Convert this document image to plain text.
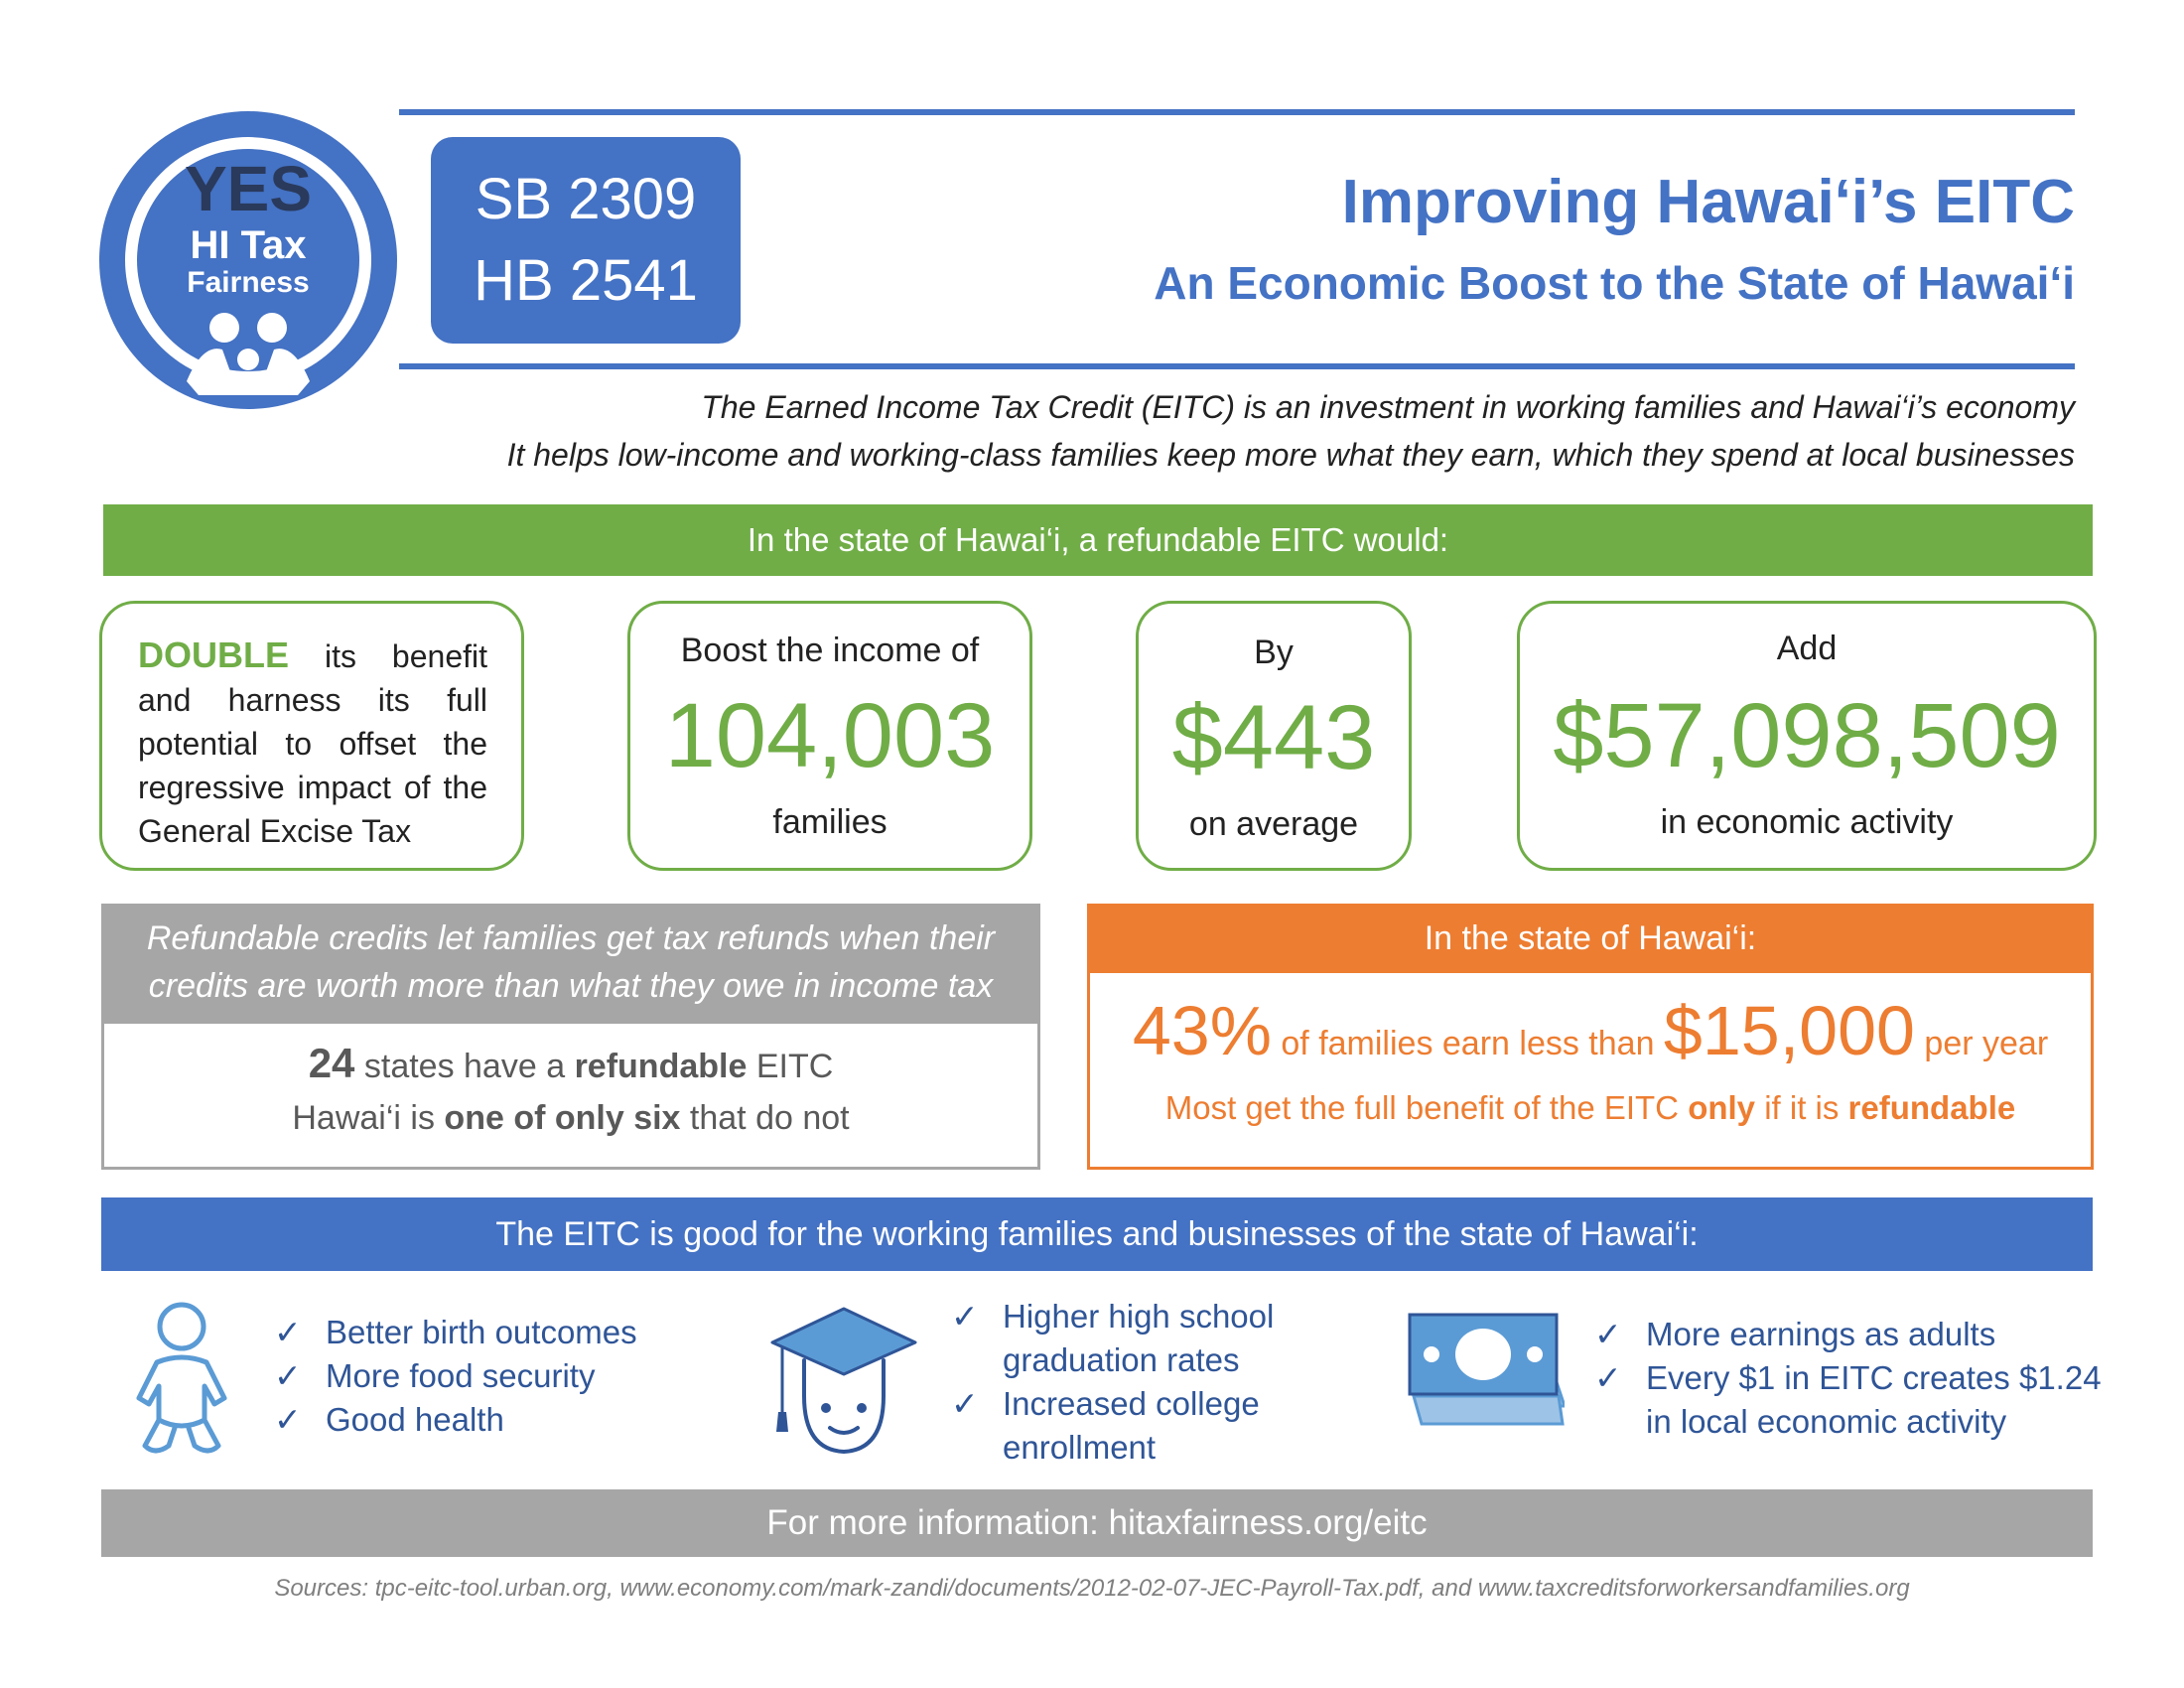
YES
HI Tax
Fairness
SB 2309
HB 2541
Improving Hawai‘i’s EITC
An Economic Boost to the State of Hawai‘i
The Earned Income Tax Credit (EITC) is an investment in working families and Hawai‘i’s economy
It helps low-income and working-class families keep more what they earn, which they spend at local businesses
In the state of Hawai‘i, a refundable EITC would:
DOUBLE its benefit and harness its full potential to offset the regressive impact of the General Excise Tax
Boost the income of
104,003
families
By
$443
on average
Add
$57,098,509
in economic activity
Refundable credits let families get tax refunds when their
credits are worth more than what they owe in income tax
24 states have a refundable EITC
Hawai‘i is one of only six that do not
In the state of Hawai‘i:
43% of families earn less than $15,000 per year
Most get the full benefit of the EITC only if it is refundable
The EITC is good for the working families and businesses of the state of Hawai‘i:
✓ Better birth outcomes
✓ More food security
✓ Good health
✓ Higher high school
graduation rates
✓ Increased college
enrollment
✓ More earnings as adults
✓ Every $1 in EITC creates $1.24
in local economic activity
For more information: hitaxfairness.org/eitc
Sources: tpc-eitc-tool.urban.org, www.economy.com/mark-zandi/documents/2012-02-07-JEC-Payroll-Tax.pdf, and www.taxcreditsforworkersandfamilies.org
